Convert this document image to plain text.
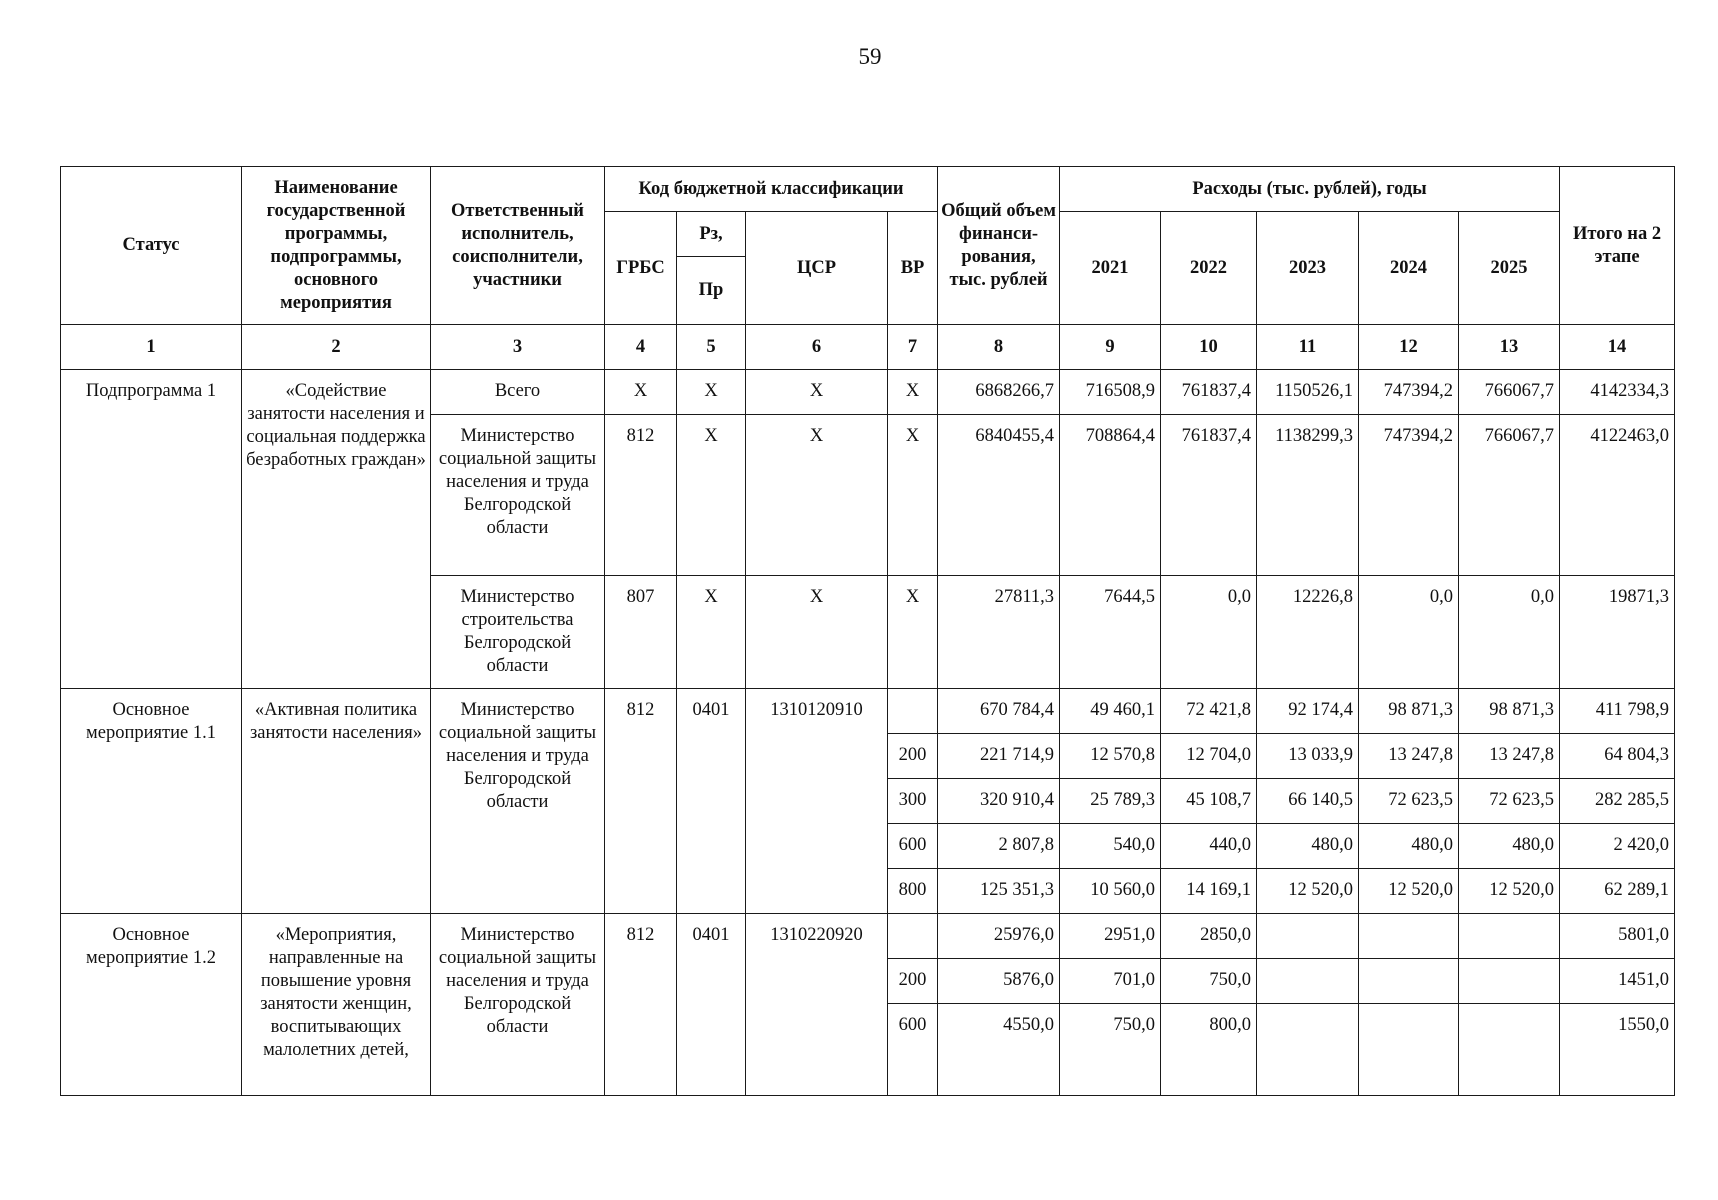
59
Статус	Наименование государственной программы, подпрограммы, основного мероприятия	Ответственный исполнитель, соисполнители, участники	Код бюджетной классификации				Общий объем финанси-рования, тыс. рублей	Расходы (тыс. рублей), годы					Итого на 2 этапе
			ГРБС	Рз,	ЦСР	ВР		2021	2022	2023	2024	2025	
				Пр									
1	2	3	4	5	6	7	8	9	10	11	12	13	14
Подпрограмма 1	«Содействие занятости населения и социальная поддержка безработных граждан»	Всего	Х	Х	Х	Х	6868266,7	716508,9	761837,4	1150526,1	747394,2	766067,7	4142334,3
		Министерство социальной защиты населения и труда Белгородской области	812	Х	Х	Х	6840455,4	708864,4	761837,4	1138299,3	747394,2	766067,7	4122463,0
		Министерство строительства Белгородской области	807	Х	Х	Х	27811,3	7644,5	0,0	12226,8	0,0	0,0	19871,3
Основное мероприятие 1.1	«Активная политика занятости населения»	Министерство социальной защиты населения и труда Белгородской области	812	0401	1310120910		670 784,4	49 460,1	72 421,8	92 174,4	98 871,3	98 871,3	411 798,9
						200	221 714,9	12 570,8	12 704,0	13 033,9	13 247,8	13 247,8	64 804,3
						300	320 910,4	25 789,3	45 108,7	66 140,5	72 623,5	72 623,5	282 285,5
						600	2 807,8	540,0	440,0	480,0	480,0	480,0	2 420,0
						800	125 351,3	10 560,0	14 169,1	12 520,0	12 520,0	12 520,0	62 289,1
Основное мероприятие 1.2	«Мероприятия, направленные на повышение уровня занятости женщин, воспитывающих малолетних детей,	Министерство социальной защиты населения и труда Белгородской области	812	0401	1310220920		25976,0	2951,0	2850,0				5801,0
						200	5876,0	701,0	750,0				1451,0
						600	4550,0	750,0	800,0				1550,0
